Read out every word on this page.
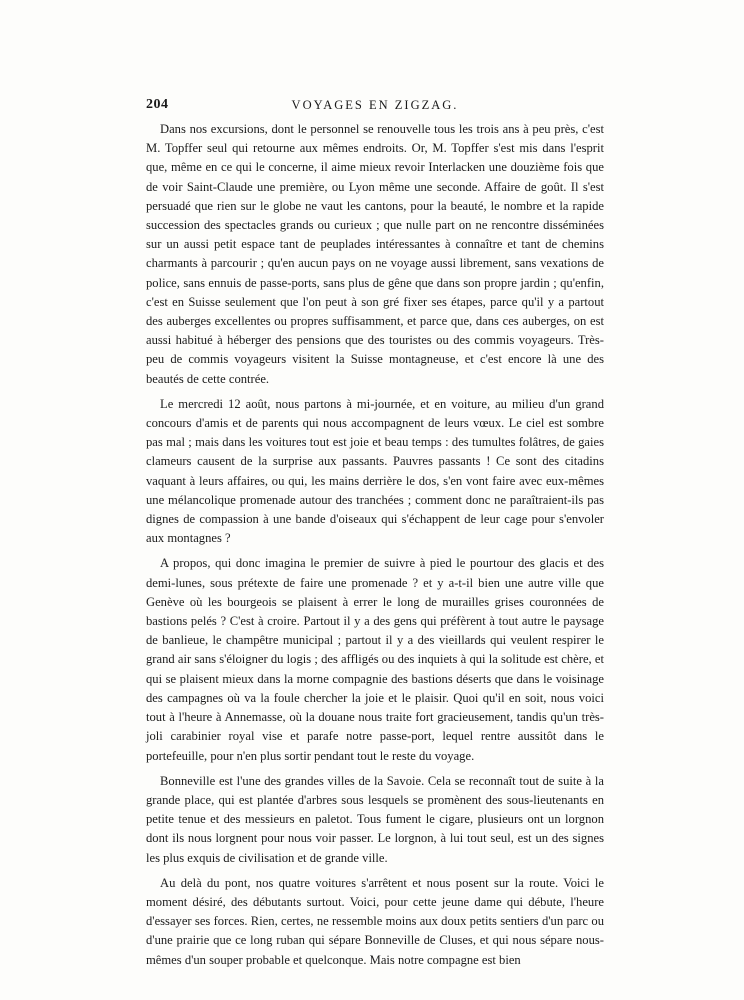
204	VOYAGES EN ZIGZAG.

Dans nos excursions, dont le personnel se renouvelle tous les trois ans à peu près, c'est M. Topffer seul qui retourne aux mêmes endroits. Or, M. Topffer s'est mis dans l'esprit que, même en ce qui le concerne, il aime mieux revoir Interlacken une douzième fois que de voir Saint-Claude une première, ou Lyon même une seconde. Affaire de goût. Il s'est persuadé que rien sur le globe ne vaut les cantons, pour la beauté, le nombre et la rapide succession des spectacles grands ou curieux ; que nulle part on ne rencontre disséminées sur un aussi petit espace tant de peuplades intéressantes à connaître et tant de chemins charmants à parcourir ; qu'en aucun pays on ne voyage aussi librement, sans vexations de police, sans ennuis de passe-ports, sans plus de gêne que dans son propre jardin ; qu'enfin, c'est en Suisse seulement que l'on peut à son gré fixer ses étapes, parce qu'il y a partout des auberges excellentes ou propres suffisamment, et parce que, dans ces auberges, on est aussi habitué à héberger des pensions que des touristes ou des commis voyageurs. Très-peu de commis voyageurs visitent la Suisse montagneuse, et c'est encore là une des beautés de cette contrée.

Le mercredi 12 août, nous partons à mi-journée, et en voiture, au milieu d'un grand concours d'amis et de parents qui nous accompagnent de leurs vœux. Le ciel est sombre pas mal ; mais dans les voitures tout est joie et beau temps : des tumultes folâtres, de gaies clameurs causent de la surprise aux passants. Pauvres passants ! Ce sont des citadins vaquant à leurs affaires, ou qui, les mains derrière le dos, s'en vont faire avec eux-mêmes une mélancolique promenade autour des tranchées ; comment donc ne paraîtraient-ils pas dignes de compassion à une bande d'oiseaux qui s'échappent de leur cage pour s'envoler aux montagnes ?

A propos, qui donc imagina le premier de suivre à pied le pourtour des glacis et des demi-lunes, sous prétexte de faire une promenade ? et y a-t-il bien une autre ville que Genève où les bourgeois se plaisent à errer le long de murailles grises couronnées de bastions pelés ? C'est à croire. Partout il y a des gens qui préfèrent à tout autre le paysage de banlieue, le champêtre municipal ; partout il y a des vieillards qui veulent respirer le grand air sans s'éloigner du logis ; des affligés ou des inquiets à qui la solitude est chère, et qui se plaisent mieux dans la morne compagnie des bastions déserts que dans le voisinage des campagnes où va la foule chercher la joie et le plaisir. Quoi qu'il en soit, nous voici tout à l'heure à Annemasse, où la douane nous traite fort gracieusement, tandis qu'un très-joli carabinier royal vise et parafe notre passe-port, lequel rentre aussitôt dans le portefeuille, pour n'en plus sortir pendant tout le reste du voyage.

Bonneville est l'une des grandes villes de la Savoie. Cela se reconnaît tout de suite à la grande place, qui est plantée d'arbres sous lesquels se promènent des sous-lieutenants en petite tenue et des messieurs en paletot. Tous fument le cigare, plusieurs ont un lorgnon dont ils nous lorgnent pour nous voir passer. Le lorgnon, à lui tout seul, est un des signes les plus exquis de civilisation et de grande ville.

Au delà du pont, nos quatre voitures s'arrêtent et nous posent sur la route. Voici le moment désiré, des débutants surtout. Voici, pour cette jeune dame qui débute, l'heure d'essayer ses forces. Rien, certes, ne ressemble moins aux doux petits sentiers d'un parc ou d'une prairie que ce long ruban qui sépare Bonneville de Cluses, et qui nous sépare nous-mêmes d'un souper probable et quelconque. Mais notre compagne est bien
